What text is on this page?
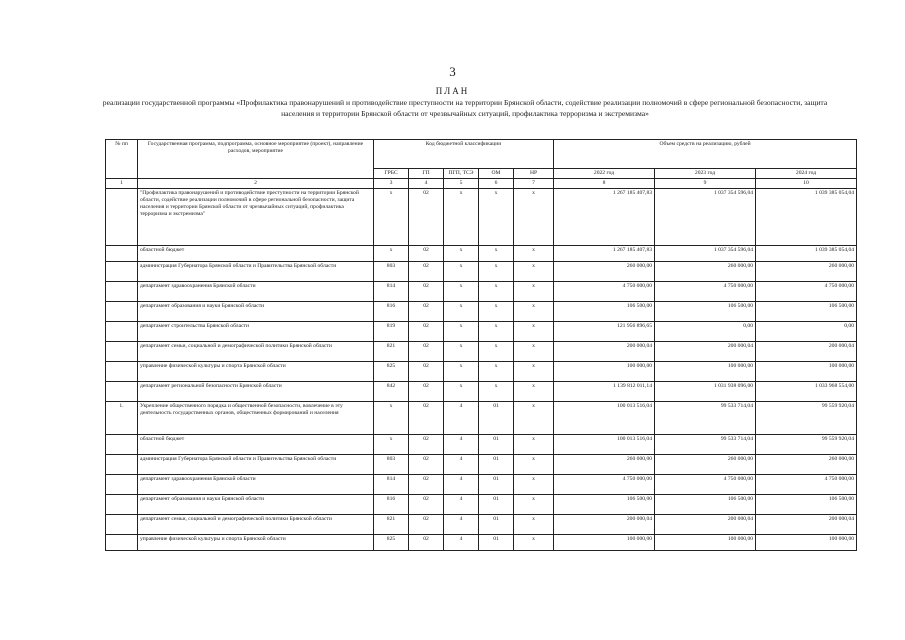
3
ПЛАН
реализации государственной программы «Профилактика правонарушений и противодействие преступности на территории Брянской области, содействие реализации полномочий в сфере региональной безопасности, защита населения и территории Брянской области от чрезвычайных ситуаций, профилактика терроризма и экстремизма»
№ пп	Государственная программа, подпрограмма, основное мероприятие (проект), направление расходов, мероприятие	Код бюджетной классификации					Объем средств на реализацию, рублей		
		ГРБС	ГП	ПГП, ТСЭ	ОМ	НР	2022 год	2023 год	2024 год
1	2	3	4	5	6	7	8	9	10
	"Профилактика правонарушений и противодействие преступности на территории Брянской области, содействие реализации полномочий в сфере региональной безопасности, защита населения и территории Брянской области от чрезвычайных ситуаций, профилактика терроризма и экстремизма"	х	02	х	х	х	1 267 185 407,83	1 037 354 596,04	1 039 385 054,04
	областной бюджет	х	02	х	х	х	1 267 185 407,83	1 037 354 596,04	1 039 385 054,04
	администрация Губернатора Брянской области и Правительства Брянской области	803	02	х	х	х	260 000,00	260 000,00	260 000,00
	департамент здравоохранения Брянской области	814	02	х	х	х	4 750 000,00	4 750 000,00	4 750 000,00
	департамент образования и науки Брянской области	816	02	х	х	х	106 500,00	106 500,00	106 500,00
	департамент строительства Брянской области	819	02	х	х	х	121 956 896,65	0,00	0,00
	департамент семьи, социальной и демографической политики Брянской области	821	02	х	х	х	200 000,04	200 000,04	200 000,04
	управление физической культуры и спорта Брянской области	825	02	х	х	х	100 000,00	100 000,00	100 000,00
	департамент региональной безопасности Брянской области	842	02	х	х	х	1 139 812 011,14	1 031 938 096,00	1 033 968 554,00
1.	Укрепление общественного порядка и общественной безопасности, вовлечение в эту деятельность государственных органов, общественных формирований и населения	х	02	4	01	х	100 013 516,04	99 533 714,04	99 559 920,04
	областной бюджет	х	02	4	01	х	100 013 516,04	99 533 714,04	99 559 920,04
	администрация Губернатора Брянской области и Правительства Брянской области	803	02	4	01	х	260 000,00	260 000,00	260 000,00
	департамент здравоохранения Брянской области	814	02	4	01	х	4 750 000,00	4 750 000,00	4 750 000,00
	департамент образования и науки Брянской области	816	02	4	01	х	106 500,00	106 500,00	106 500,00
	департамент семьи, социальной и демографической политики Брянской области	821	02	4	01	х	200 000,04	200 000,04	200 000,04
	управление физической культуры и спорта Брянской области	825	02	4	01	х	100 000,00	100 000,00	100 000,00
